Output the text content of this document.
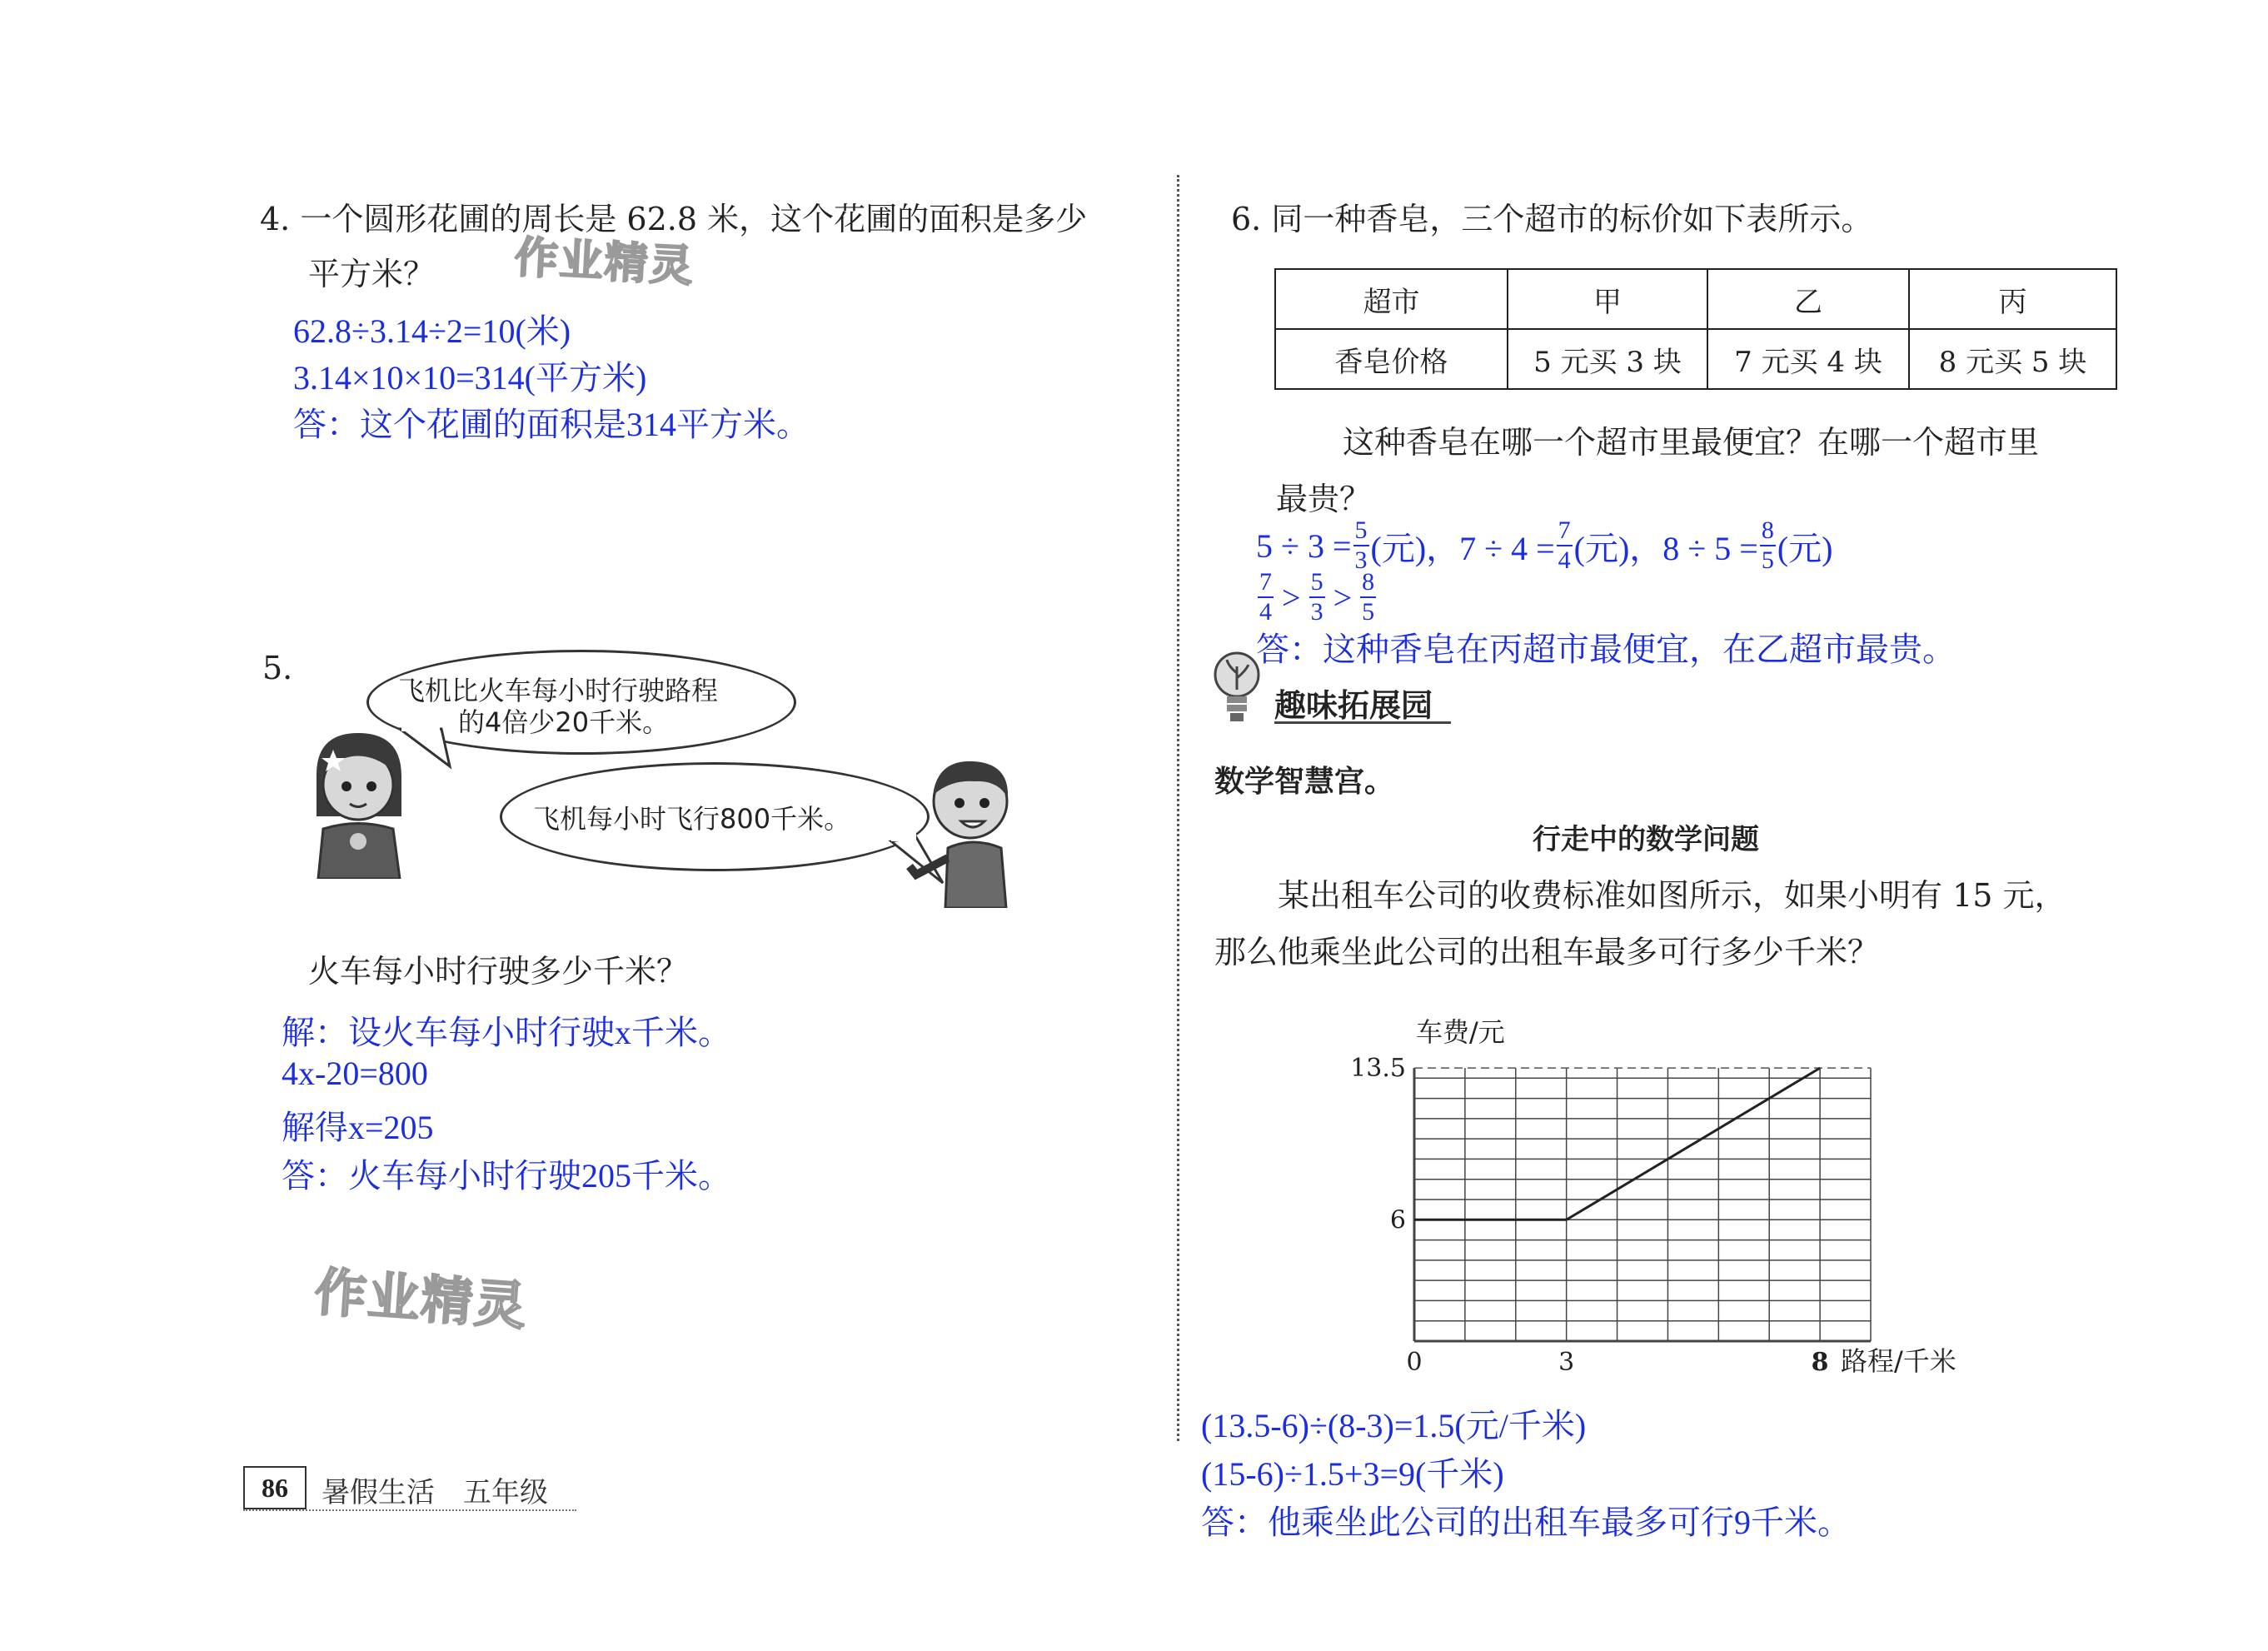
4. 一个圆形花圃的周长是 62.8 米，这个花圃的面积是多少
平方米？ 作业精灵
62.8÷3.14÷2=10(米)
3.14×10×10=314(平方米)
答：这个花圃的面积是314平方米。
5.
飞机比火车每小时行驶路程
的4倍少20千米。
飞机每小时飞行800千米。
火车每小时行驶多少千米？
解：设火车每小时行驶x千米。
4x-20=800
解得x=205
答：火车每小时行驶205千米。
作业精灵
86	暑假生活　五年级
6. 同一种香皂，三个超市的标价如下表所示。
超市	甲	乙	丙
香皂价格	5 元买 3 块	7 元买 4 块	8 元买 5 块
这种香皂在哪一个超市里最便宜？在哪一个超市里
最贵？
$5 \div 3 = \frac{5}{3}$ (元)，$7 \div 4 = \frac{7}{4}$ (元)，$8 \div 5 = \frac{8}{5}$ (元)
$\frac{7}{4} > \frac{5}{3} > \frac{8}{5}$
答：这种香皂在丙超市最便宜，在乙超市最贵。
趣味拓展园
数学智慧宫。
行走中的数学问题
某出租车公司的收费标准如图所示，如果小明有 15 元，
那么他乘坐此公司的出租车最多可行多少千米？
车费/元
0	3	8
6
13.5
路程/千米
(13.5-6)÷(8-3)=1.5(元/千米)
(15-6)÷1.5+3=9(千米)
答：他乘坐此公司的出租车最多可行9千米。
